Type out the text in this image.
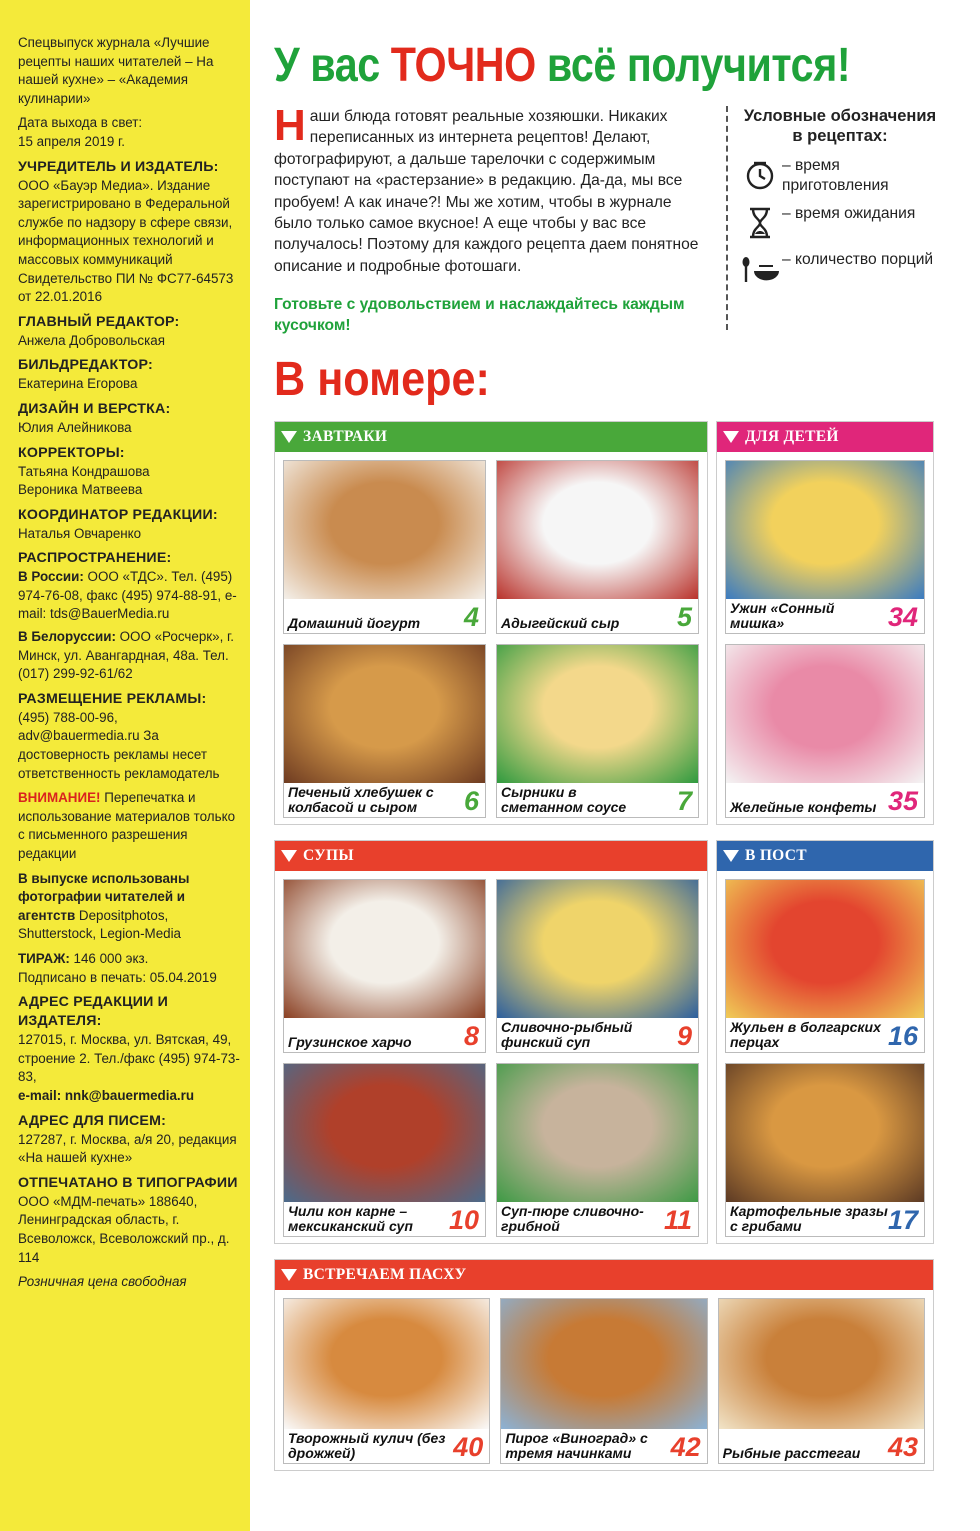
Спецвыпуск журнала «Лучшие рецепты наших читателей – На нашей кухне» – «Академия кулинарии»
Дата выхода в свет:
15 апреля 2019 г.
УЧРЕДИТЕЛЬ И ИЗДАТЕЛЬ:
ООО «Бауэр Медиа». Издание зарегистрировано в Федеральной службе по надзору в сфере связи, информационных технологий и массовых коммуникаций Свидетельство ПИ № ФС77-64573 от 22.01.2016
ГЛАВНЫЙ РЕДАКТОР:
Анжела Добровольская
БИЛЬДРЕДАКТОР:
Екатерина Егорова
ДИЗАЙН И ВЕРСТКА:
Юлия Алейникова
КОРРЕКТОРЫ:
Татьяна Кондрашова
Вероника Матвеева
КООРДИНАТОР РЕДАКЦИИ:
Наталья Овчаренко
РАСПРОСТРАНЕНИЕ:
В России: ООО «ТДС». Тел. (495) 974-76-08, факс (495) 974-88-91, e-mail: tds@BauerMedia.ru
В Белоруссии: ООО «Росчерк», г. Минск, ул. Авангардная, 48а. Тел. (017) 299-92-61/62
РАЗМЕЩЕНИЕ РЕКЛАМЫ:
(495) 788-00-96, adv@bauermedia.ru За достоверность рекламы несет ответственность рекламодатель
ВНИМАНИЕ! Перепечатка и использование материалов только с письменного разрешения редакции
В выпуске использованы фотографии читателей и агентств Depositphotos, Shutterstock, Legion-Media
ТИРАЖ: 146 000 экз.
Подписано в печать: 05.04.2019
АДРЕС РЕДАКЦИИ И ИЗДАТЕЛЯ:
127015, г. Москва, ул. Вятская, 49, строение 2. Тел./факс (495) 974-73-83,
e-mail: nnk@bauermedia.ru
АДРЕС ДЛЯ ПИСЕМ:
127287, г. Москва, а/я 20, редакция «На нашей кухне»
ОТПЕЧАТАНО В ТИПОГРАФИИ
ООО «МДМ-печать» 188640, Ленинградская область, г. Всеволожск, Всеволожский пр., д. 114
Розничная цена свободная
У вас ТОЧНО всё получится!
Наши блюда готовят реальные хозяюшки. Никаких переписанных из интернета рецептов! Делают, фотографируют, а дальше тарелочки с содержимым поступают на «растерзание» в редакцию. Да-да, мы все пробуем! А как иначе?! Мы же хотим, чтобы в журнале было только самое вкусное! А еще чтобы у вас все получалось! Поэтому для каждого рецепта даем понятное описание и подробные фотошаги.
Готовьте с удовольствием и наслаждайтесь каждым кусочком!
Условные обозначения в рецептах:
– время приготовления
– время ожидания
– количество порций
В номере:
ЗАВТРАКИ
Домашний йогурт	4 Адыгейский сыр	5
Печеный хлебушек с колбасой и сыром	6 Сырники в сметанном соусе	7
ДЛЯ ДЕТЕЙ
Ужин «Сонный мишка»	34
Желейные конфеты 35
СУПЫ
Грузинское харчо	8 Сливочно-рыбный финский суп	9
Чили кон карне – мексиканский суп	10 Суп-пюре сливочно-грибной	11
В ПОСТ
Жульен в болгарских перцах	16
Картофельные зразы с грибами	17
ВСТРЕЧАЕМ ПАСХУ
Творожный кулич (без дрожжей)	40 Пирог «Виноград» с тремя начинками	42 Рыбные расстегаи	43
